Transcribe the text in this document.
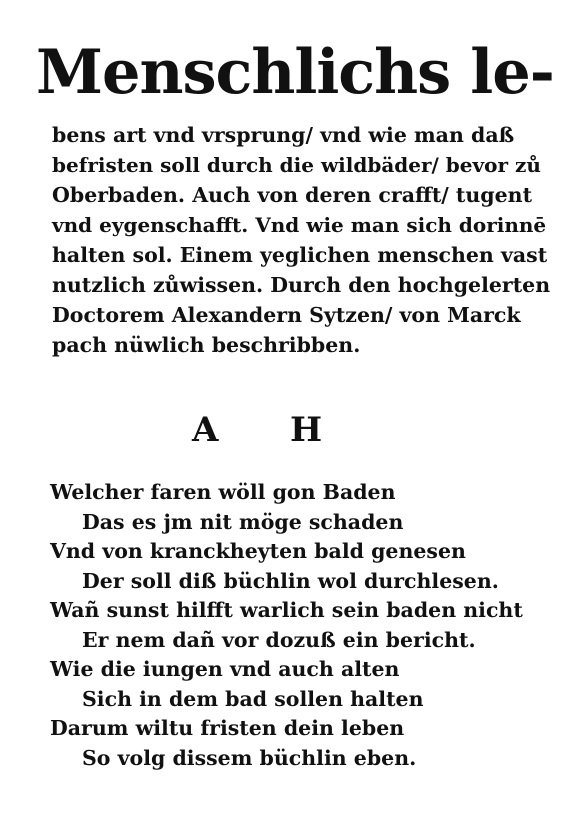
Menschlichs le-
bens art vnd vrsprung/ vnd wie man daß
befristen soll durch die wildbäder/ bevor zů
Oberbaden. Auch von deren crafft/ tugent
vnd eygenschafft. Vnd wie man sich dorinnē
halten sol. Einem yeglichen menschen vast
nutzlich zůwissen. Durch den hochgelerten
Doctorem Alexandern Sytzen/ von Marck
pach nüwlich beschribben.
A H
Welcher faren wöll gon Baden
Das es jm nit möge schaden
Vnd von kranckheyten bald genesen
Der soll diß büchlin wol durchlesen.
Wañ sunst hilfft warlich sein baden nicht
Er nem dañ vor dozuß ein bericht.
Wie die iungen vnd auch alten
Sich in dem bad sollen halten
Darum wiltu fristen dein leben
So volg dissem büchlin eben.
